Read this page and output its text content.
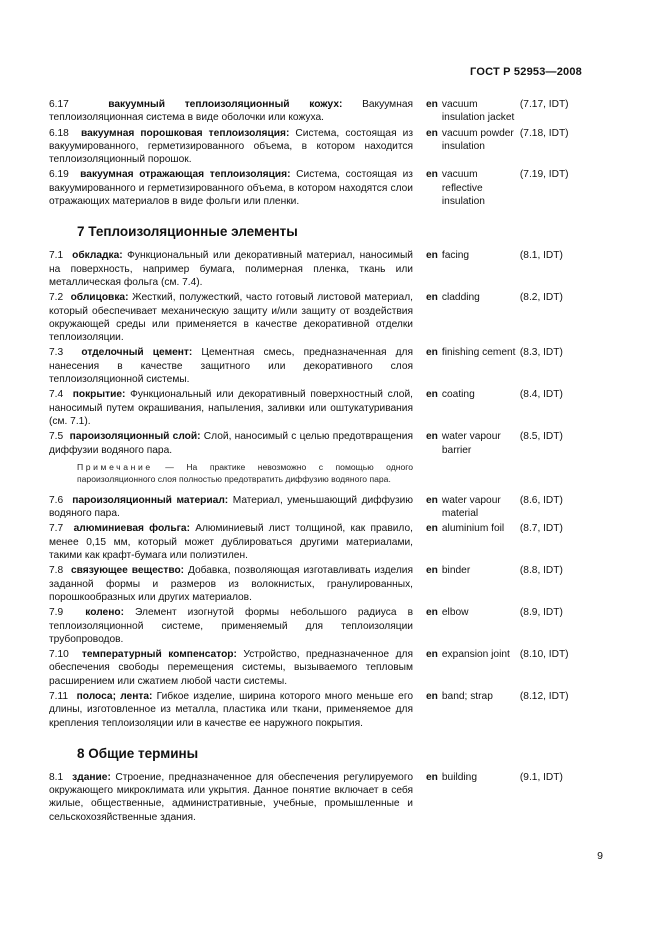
ГОСТ Р 52953—2008
6.17	вакуумный теплоизоляционный кожух: Вакуумная теплоизоляционная система в виде оболочки или кожуха.
en vacuum insulation jacket
(7.17, IDT)
6.18 вакуумная порошковая теплоизоляция: Система, состоящая из вакуумированного, герметизированного объема, в котором находится теплоизоляционный порошок.
en vacuum powder insulation
(7.18, IDT)
6.19 вакуумная отражающая теплоизоляция: Система, состоящая из вакуумированного и герметизированного объема, в котором находятся слои отражающих материалов в виде фольги или пленки.
en vacuum reflective insulation
(7.19, IDT)
7 Теплоизоляционные элементы
7.1 обкладка: Функциональный или декоративный материал, наносимый на поверхность, например бумага, полимерная пленка, ткань или металлическая фольга (см. 7.4).
en facing	(8.1, IDT)
7.2 облицовка: Жесткий, полужесткий, часто готовый листовой материал, который обеспечивает механическую защиту и/или защиту от воздействия окружающей среды или применяется в качестве декоративной отделки теплоизоляции.
en cladding	(8.2, IDT)
7.3 отделочный цемент: Цементная смесь, предназначенная для нанесения в качестве защитного или декоративного слоя теплоизоляционной системы.
en finishing cement (8.3, IDT)
7.4 покрытие: Функциональный или декоративный поверхностный слой, наносимый путем окрашивания, напыления, заливки или оштукатуривания (см. 7.1).
en coating	(8.4, IDT)
7.5 пароизоляционный слой: Слой, наносимый с целью предотвращения диффузии водяного пара.
en water vapour barrier
(8.5, IDT)
Примечание — На практике невозможно с помощью одного пароизоляционного слоя полностью предотвратить диффузию водяного пара.
7.6 пароизоляционный материал: Материал, уменьшающий диффузию водяного пара.
en water vapour material
(8.6, IDT)
7.7 алюминиевая фольга: Алюминиевый лист толщиной, как правило, менее 0,15 мм, который может дублироваться другими материалами, такими как крафт-бумага или полиэтилен.
en aluminium foil	(8.7, IDT)
7.8 связующее вещество: Добавка, позволяющая изготавливать изделия заданной формы и размеров из волокнистых, гранулированных, порошкообразных или других материалов.
en binder	(8.8, IDT)
7.9 колено: Элемент изогнутой формы небольшого радиуса в теплоизоляционной системе, применяемый для теплоизоляции трубопроводов.
en elbow	(8.9, IDT)
7.10 температурный компенсатор: Устройство, предназначенное для обеспечения свободы перемещения системы, вызываемого тепловым расширением или сжатием любой части системы.
en expansion joint (8.10, IDT)
7.11 полоса; лента: Гибкое изделие, ширина которого много меньше его длины, изготовленное из металла, пластика или ткани, применяемое для крепления теплоизоляции или в качестве ее наружного покрытия.
en band; strap	(8.12, IDT)
8 Общие термины
8.1 здание: Строение, предназначенное для обеспечения регулируемого окружающего микроклимата или укрытия. Данное понятие включает в себя жилые, общественные, административные, учебные, промышленные и сельскохозяйственные здания.
en building	(9.1, IDT)
9
